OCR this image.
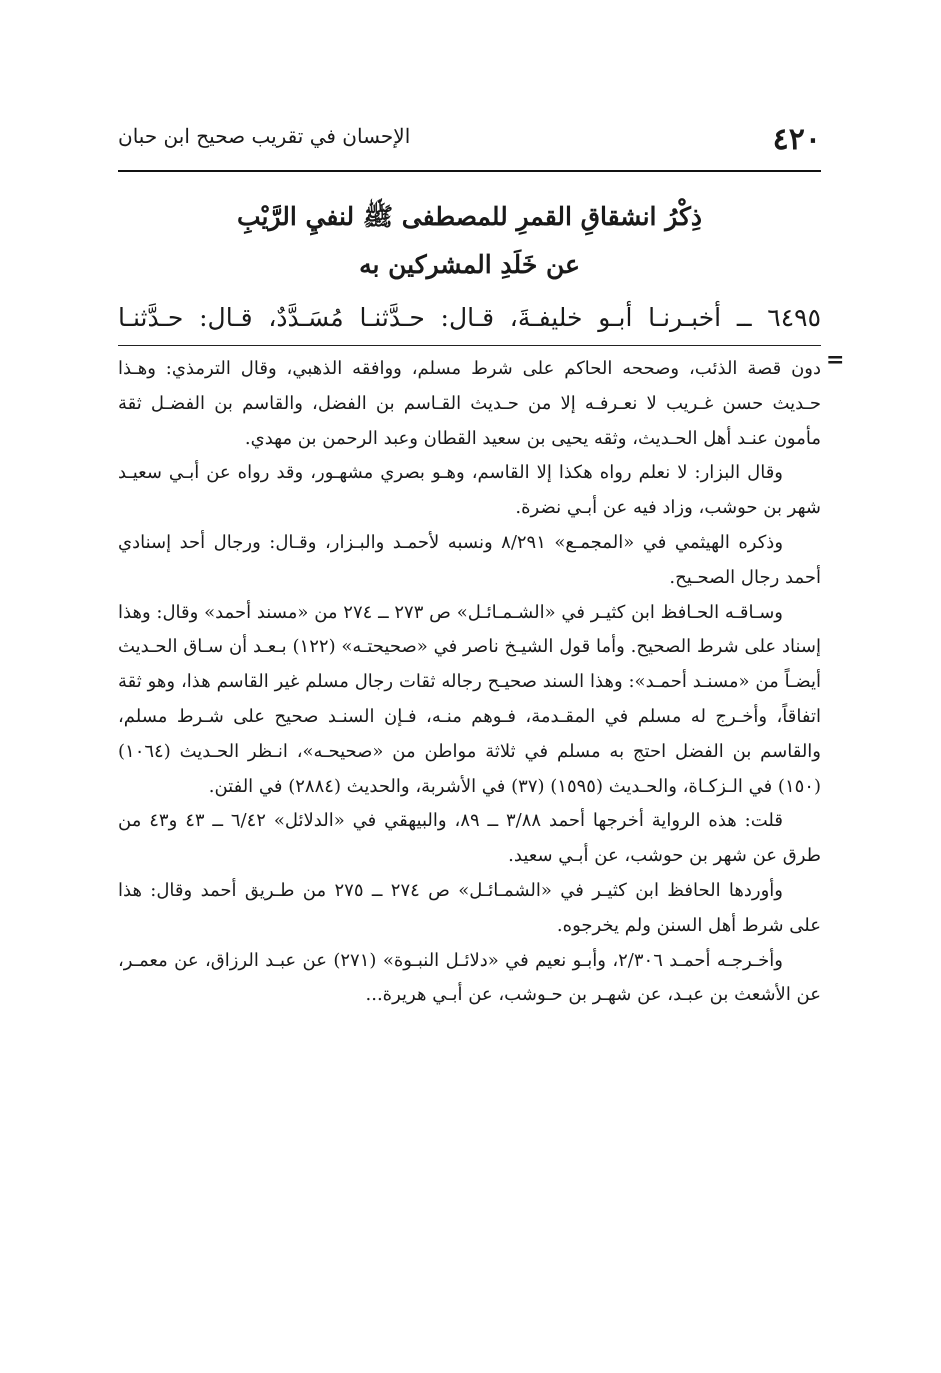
٤٢٠
الإحسان في تقريب صحيح ابن حبان
ذِكْرُ انشقاقِ القمرِ للمصطفى ﷺ لنفيِ الرَّيْبِ
عن خَلَدِ المشركين به
٦٤٩٥ ــ أخبـرنـا أبـو خليفـةَ، قـال: حـدَّثنـا مُسَـدَّدٌ، قـال: حـدَّثنـا
=

دون قصة الذئب، وصححه الحاكم على شرط مسلم، ووافقه الذهبي، وقال الترمذي: وهـذا حـديث حسن غـريب لا نعـرفـه إلا من حـديث القـاسم بن الفضل، والقاسم بن الفضـل ثقة مأمون عنـد أهل الحـديث، وثقه يحيى بن سعيد القطان وعبد الرحمن بن مهدي.

وقال البزار: لا نعلم رواه هكذا إلا القاسم، وهـو بصري مشهـور، وقد رواه عن أبـي سعيـد شهر بن حوشب، وزاد فيه عن أبـي نضرة.

وذكره الهيثمي في «المجمـع» ٨/٢٩١ ونسبه لأحمـد والبـزار، وقـال: ورجال أحد إسنادي أحمد رجال الصحـيح.

وسـاقـه الحـافظ ابن كثيـر في «الشـمـائـل» ص ٢٧٣ ــ ٢٧٤ من «مسند أحمد» وقال: وهذا إسناد على شرط الصحيح. وأما قول الشيـخ ناصر في «صحيحتـه» (١٢٢) بـعـد أن سـاق الحـديث أيضـاً من «مسنـد أحمـد»: وهذا السند صحيـح رجاله ثقات رجال مسلم غير القاسم هذا، وهو ثقة اتفاقاً، وأخـرج له مسلم في المقـدمة، فـوهم منـه، فـإن السنـد صحيح على شـرط مسلم، والقاسم بن الفضل احتج به مسلم في ثلاثة مواطن من «صحيحـه»، انـظر الحـديث (١٠٦٤) (١٥٠) في الـزكـاة، والحـديث (١٥٩٥) (٣٧) في الأشربة، والحديث (٢٨٨٤) في الفتن.

قلت: هذه الرواية أخرجها أحمد ٣/٨٨ ــ ٨٩، والبيهقي في «الدلائل» ٦/٤٢ ــ ٤٣ و٤٣ من طرق عن شهر بن حوشب، عن أبـي سعيد.

وأوردها الحافظ ابن كثيـر في «الشمـائـل» ص ٢٧٤ ــ ٢٧٥ من طـريق أحمد وقال: هذا على شرط أهل السنن ولم يخرجوه.

وأخـرجـه أحمـد ٢/٣٠٦، وأبـو نعيم في «دلائـل النبـوة» (٢٧١) عن عبـد الرزاق، عن معمـر، عن الأشعث بن عبـد، عن شهـر بن حـوشب، عن أبـي هريرة...
